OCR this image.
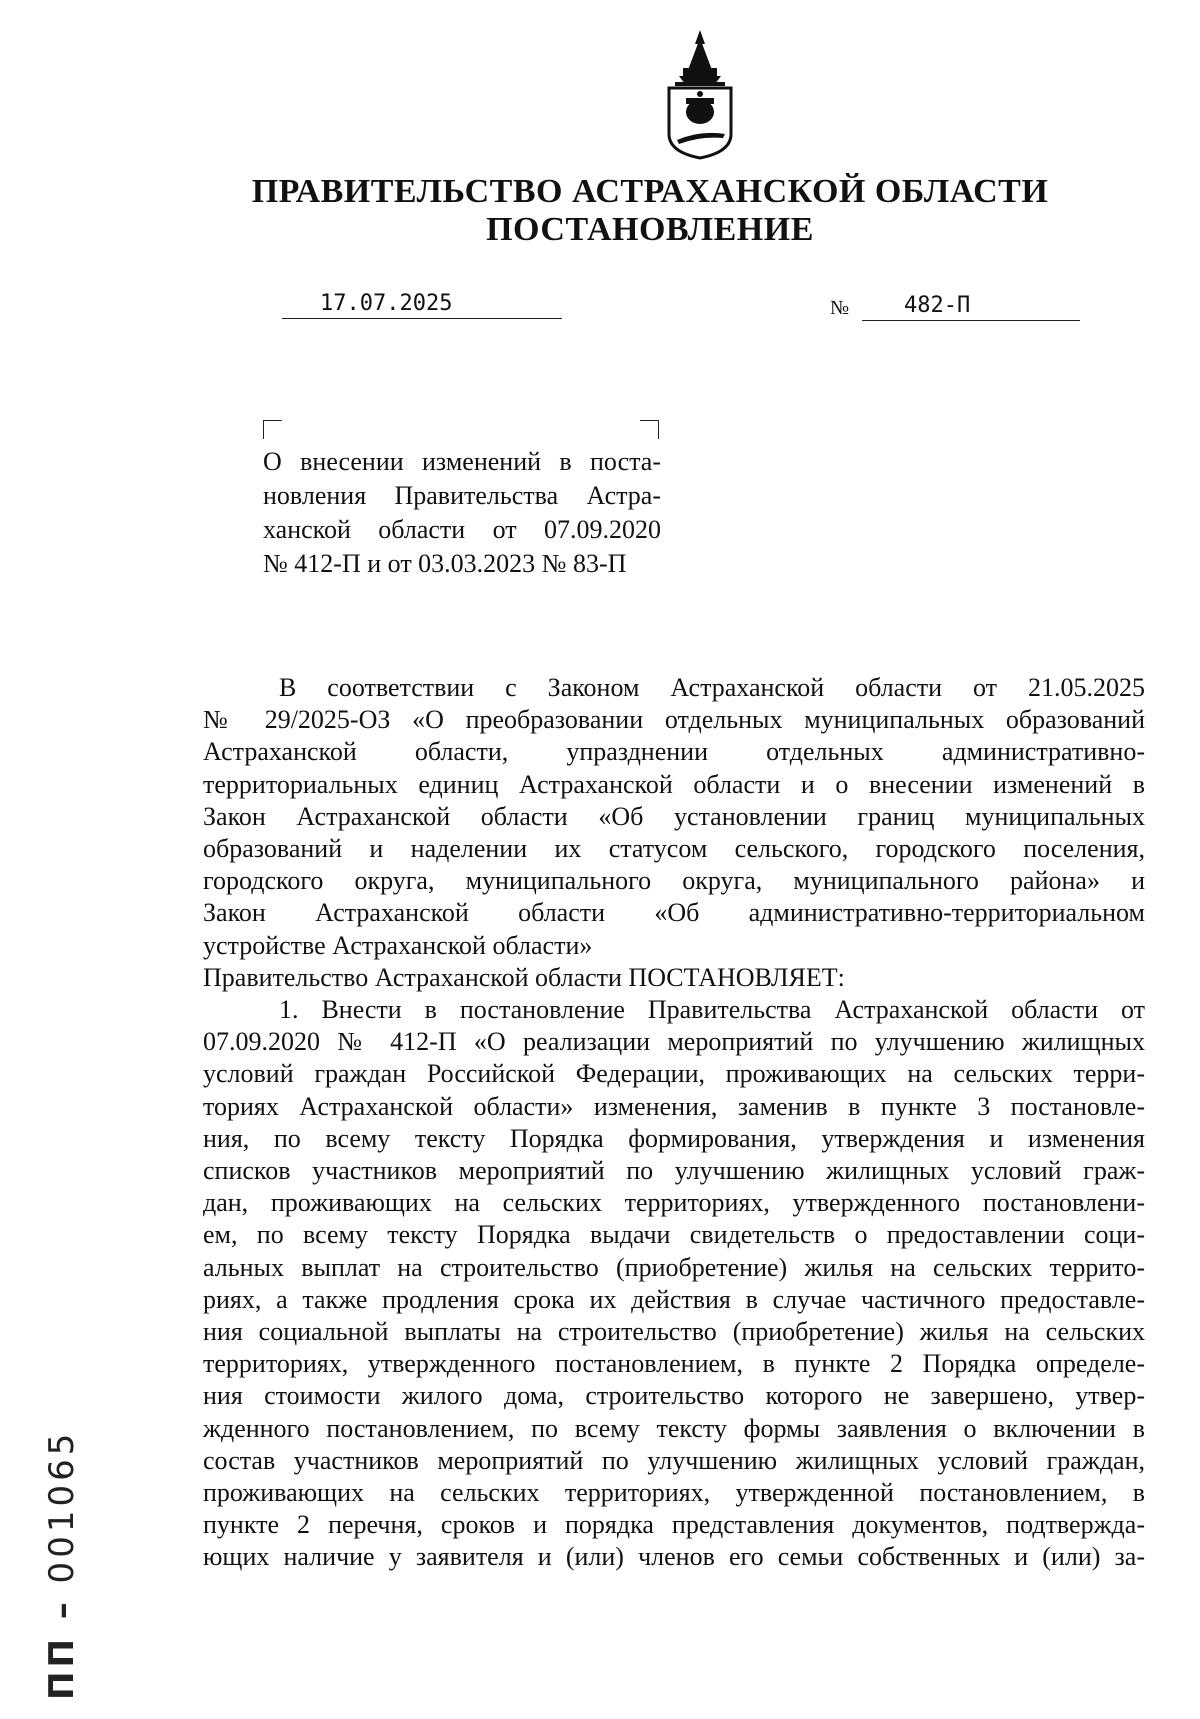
ПРАВИТЕЛЬСТВО АСТРАХАНСКОЙ ОБЛАСТИ
ПОСТАНОВЛЕНИЕ
17.07.2025	№	482-П

О внесении изменений в поста-
новления Правительства Астра-
ханской области от 07.09.2020
№ 412-П и от 03.03.2023 № 83-П

В соответствии с Законом Астраханской области от 21.05.2025
№ 29/2025-ОЗ «О преобразовании отдельных муниципальных образований
Астраханской области, упразднении отдельных административно-
территориальных единиц Астраханской области и о внесении изменений в
Закон Астраханской области «Об установлении границ муниципальных
образований и наделении их статусом сельского, городского поселения,
городского округа, муниципального округа, муниципального района» и
Закон Астраханской области «Об административно-территориальном
устройстве Астраханской области»
Правительство Астраханской области ПОСТАНОВЛЯЕТ:
1. Внести в постановление Правительства Астраханской области от
07.09.2020 № 412-П «О реализации мероприятий по улучшению жилищных
условий граждан Российской Федерации, проживающих на сельских терри-
ториях Астраханской области» изменения, заменив в пункте 3 постановле-
ния, по всему тексту Порядка формирования, утверждения и изменения
списков участников мероприятий по улучшению жилищных условий граж-
дан, проживающих на сельских территориях, утвержденного постановлени-
ем, по всему тексту Порядка выдачи свидетельств о предоставлении соци-
альных выплат на строительство (приобретение) жилья на сельских террито-
риях, а также продления срока их действия в случае частичного предоставле-
ния социальной выплаты на строительство (приобретение) жилья на сельских
территориях, утвержденного постановлением, в пункте 2 Порядка определе-
ния стоимости жилого дома, строительство которого не завершено, утвер-
жденного постановлением, по всему тексту формы заявления о включении в
состав участников мероприятий по улучшению жилищных условий граждан,
проживающих на сельских территориях, утвержденной постановлением, в
пункте 2 перечня, сроков и порядка представления документов, подтвержда-
ющих наличие у заявителя и (или) членов его семьи собственных и (или) за-
ПП – 001065
